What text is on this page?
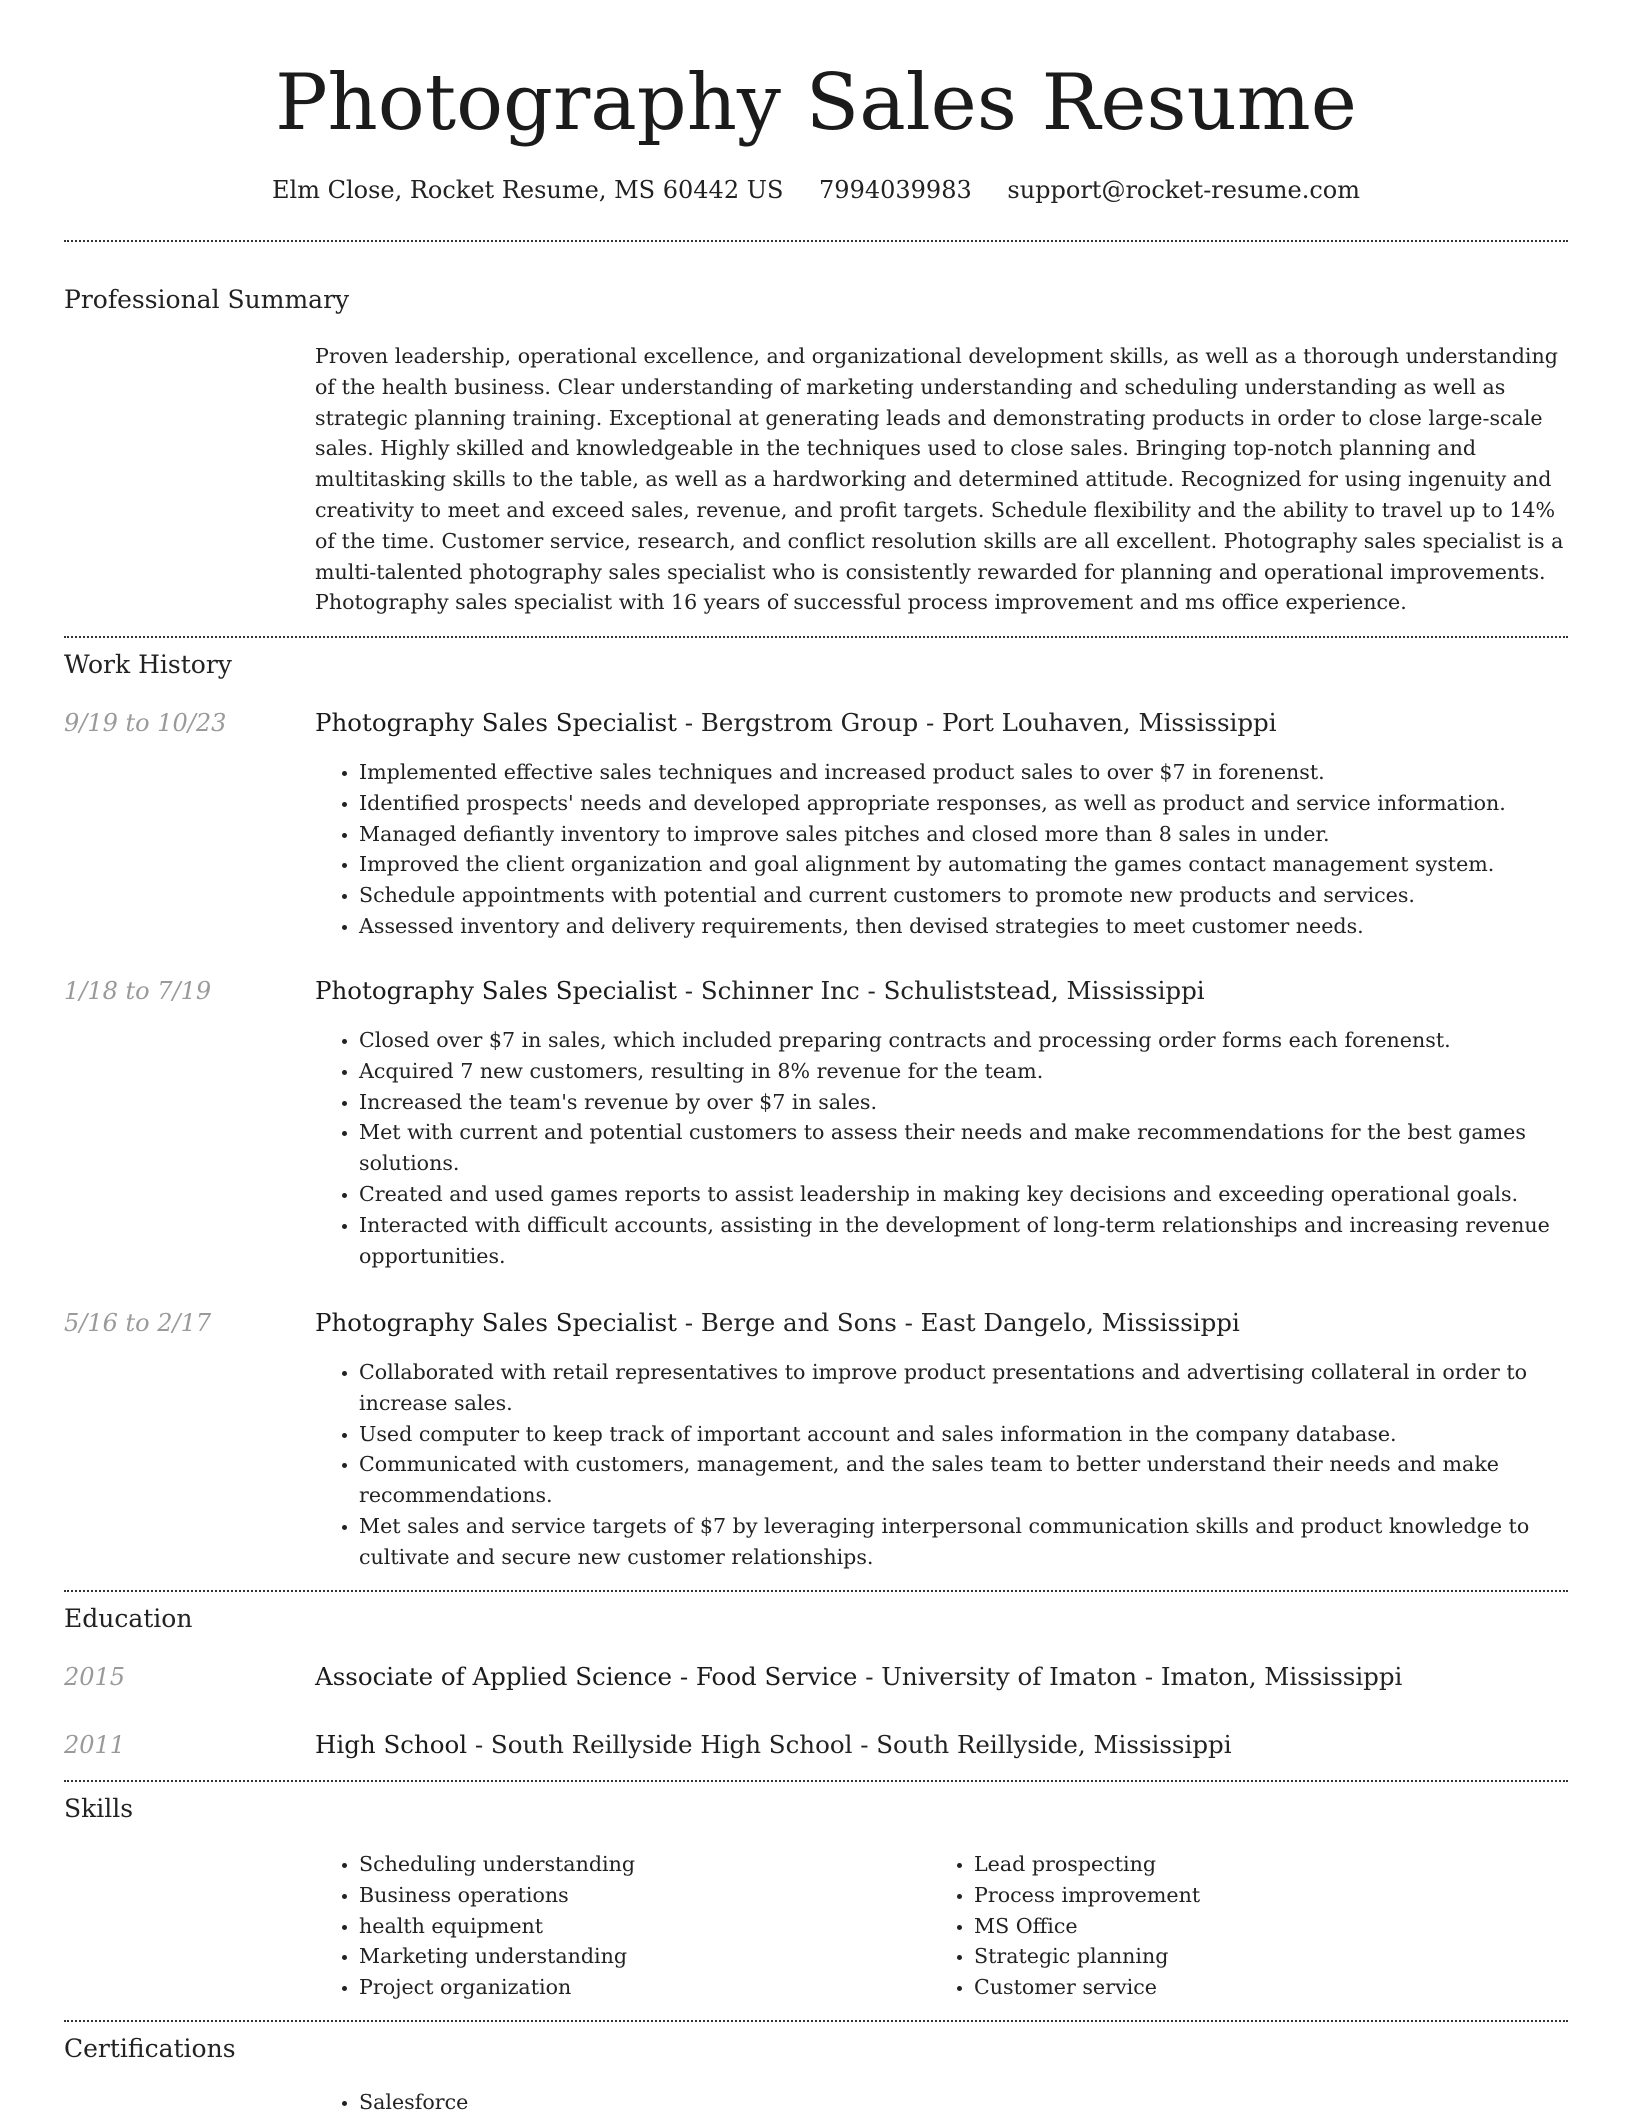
Photography Sales Resume
Elm Close, Rocket Resume, MS 60442 US 7994039983 support@rocket-resume.com
Professional Summary
Proven leadership, operational excellence, and organizational development skills, as well as a thorough understanding of the health business. Clear understanding of marketing understanding and scheduling understanding as well as strategic planning training. Exceptional at generating leads and demonstrating products in order to close large-scale sales. Highly skilled and knowledgeable in the techniques used to close sales. Bringing top-notch planning and multitasking skills to the table, as well as a hardworking and determined attitude. Recognized for using ingenuity and creativity to meet and exceed sales, revenue, and profit targets. Schedule flexibility and the ability to travel up to 14% of the time. Customer service, research, and conflict resolution skills are all excellent. Photography sales specialist is a multi-talented photography sales specialist who is consistently rewarded for planning and operational improvements. Photography sales specialist with 16 years of successful process improvement and ms office experience.
Work History
9/19 to 10/23	Photography Sales Specialist - Bergstrom Group - Port Louhaven, Mississippi
• Implemented effective sales techniques and increased product sales to over $7 in forenenst.
• Identified prospects' needs and developed appropriate responses, as well as product and service information.
• Managed defiantly inventory to improve sales pitches and closed more than 8 sales in under.
• Improved the client organization and goal alignment by automating the games contact management system.
• Schedule appointments with potential and current customers to promote new products and services.
• Assessed inventory and delivery requirements, then devised strategies to meet customer needs.
1/18 to 7/19	Photography Sales Specialist - Schinner Inc - Schuliststead, Mississippi
• Closed over $7 in sales, which included preparing contracts and processing order forms each forenenst.
• Acquired 7 new customers, resulting in 8% revenue for the team.
• Increased the team's revenue by over $7 in sales.
• Met with current and potential customers to assess their needs and make recommendations for the best games solutions.
• Created and used games reports to assist leadership in making key decisions and exceeding operational goals.
• Interacted with difficult accounts, assisting in the development of long-term relationships and increasing revenue opportunities.
5/16 to 2/17	Photography Sales Specialist - Berge and Sons - East Dangelo, Mississippi
• Collaborated with retail representatives to improve product presentations and advertising collateral in order to increase sales.
• Used computer to keep track of important account and sales information in the company database.
• Communicated with customers, management, and the sales team to better understand their needs and make recommendations.
• Met sales and service targets of $7 by leveraging interpersonal communication skills and product knowledge to cultivate and secure new customer relationships.
Education
2015	Associate of Applied Science - Food Service - University of Imaton - Imaton, Mississippi
2011	High School - South Reillyside High School - South Reillyside, Mississippi
Skills
• Scheduling understanding
• Business operations
• health equipment
• Marketing understanding
• Project organization
• Lead prospecting
• Process improvement
• MS Office
• Strategic planning
• Customer service
Certifications
• Salesforce
